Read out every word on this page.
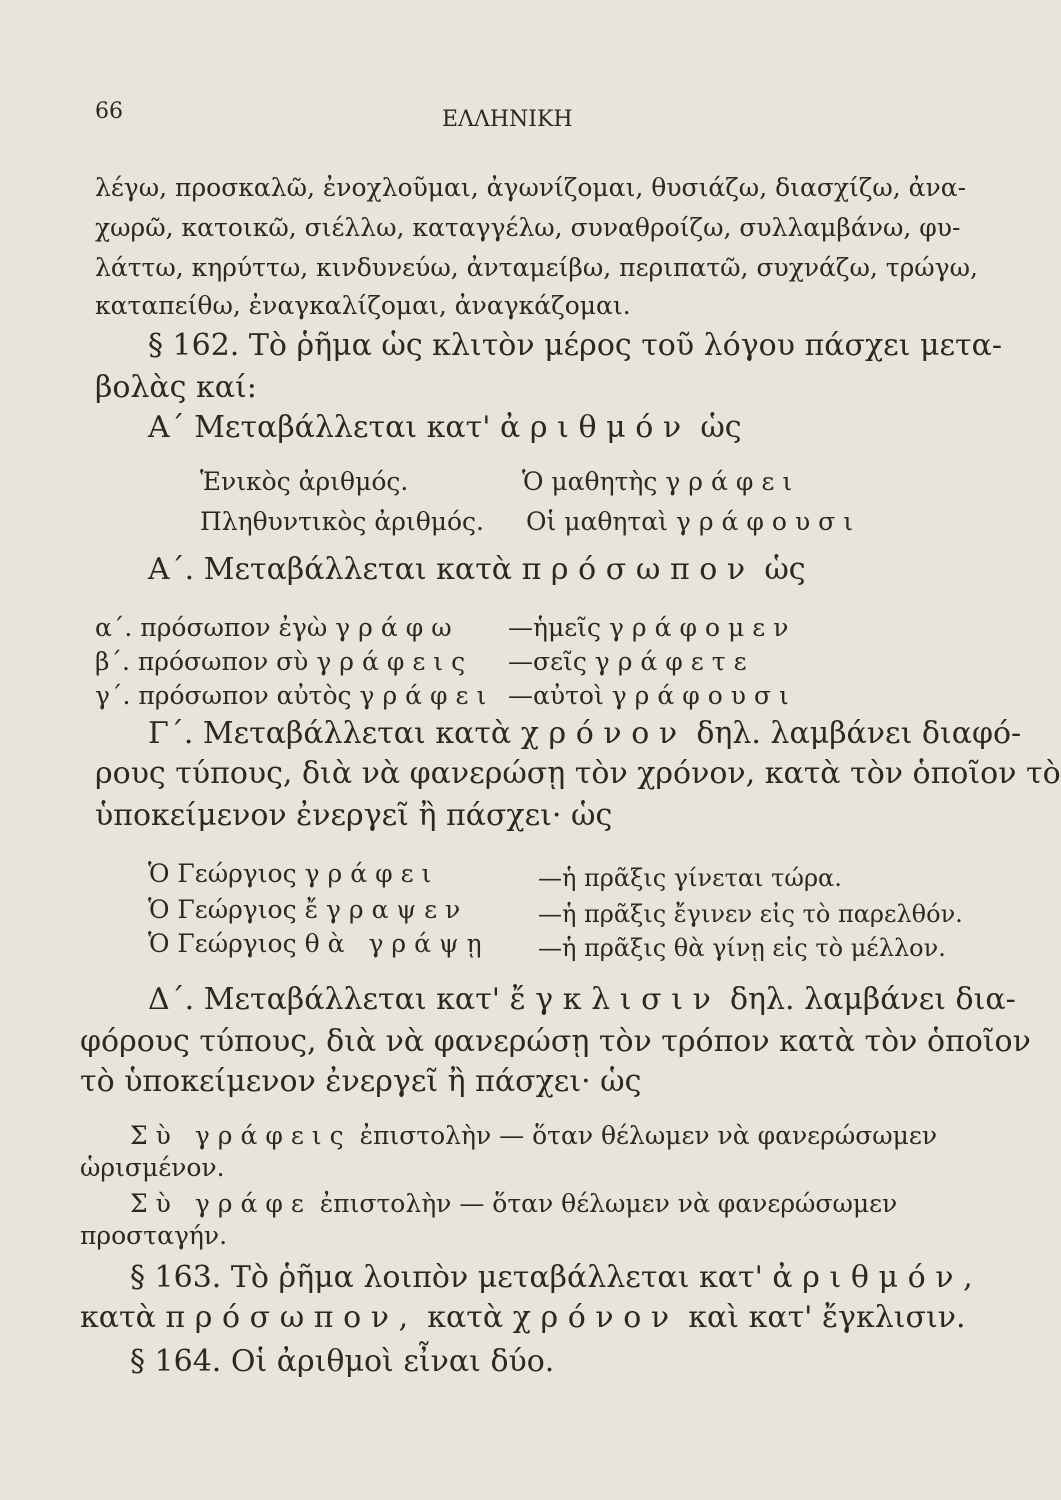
66	ΕΛΛΗΝΙΚΗ
λέγω, προσκαλῶ, ἐνοχλοῦμαι, ἀγωνίζομαι, θυσιάζω, διασχίζω, ἀνα-
χωρῶ, κατοικῶ, σιέλλω, καταγγέλω, συναθροίζω, συλλαμβάνω, φυ-
λάττω, κηρύττω, κινδυνεύω, ἀνταμείβω, περιπατῶ, συχνάζω, τρώγω,
καταπείθω, ἐναγκαλίζομαι, ἀναγκάζομαι.
§ 162. Τὸ ῥῆμα ὡς κλιτὸν μέρος τοῦ λόγου πάσχει μετα-
βολὰς καί:
Α΄ Μεταβάλλεται κατ' ἀριθμόν ὡς
Ἑνικὸς ἀριθμός.	Ὁ μαθητὴς γράφει
Πληθυντικὸς ἀριθμός. Οἱ μαθηταὶ γράφουσι
Α΄. Μεταβάλλεται κατὰ πρόσωπον ὡς
α΄. πρόσωπον ἐγὼ γράφω —ἡμεῖς γράφομεν
β΄. πρόσωπον σὺ γράφεις —σεῖς γράφετε
γ΄. πρόσωπον αὐτὸς γράφει —αὐτοὶ γράφουσι
Γ΄. Μεταβάλλεται κατὰ χρόνον δηλ. λαμβάνει διαφό-
ρους τύπους, διὰ νὰ φανερώσῃ τὸν χρόνον, κατὰ τὸν ὁποῖον τὸ
ὑποκείμενον ἐνεργεῖ ἢ πάσχει· ὡς
Ὁ Γεώργιος γράφει	—ἡ πρᾶξις γίνεται τώρα.
Ὁ Γεώργιος ἔγραψεν	—ἡ πρᾶξις ἔγινεν εἰς τὸ παρελθόν.
Ὁ Γεώργιος θὰ γράψῃ —ἡ πρᾶξις θὰ γίνῃ εἰς τὸ μέλλον.
Δ΄. Μεταβάλλεται κατ' ἔγκλισιν δηλ. λαμβάνει δια-
φόρους τύπους, διὰ νὰ φανερώσῃ τὸν τρόπον κατὰ τὸν ὁποῖον
τὸ ὑποκείμενον ἐνεργεῖ ἢ πάσχει· ὡς
Σὺ γράφεις ἐπιστολὴν — ὅταν θέλωμεν νὰ φανερώσωμεν
ὡρισμένον.
Σὺ γράφε ἐπιστολὴν — ὅταν θέλωμεν νὰ φανερώσωμεν
προσταγήν.
§ 163. Τὸ ῥῆμα λοιπὸν μεταβάλλεται κατ' ἀριθμόν,
κατὰ πρόσωπον, κατὰ χρόνον καὶ κατ' ἔγκλισιν.
§ 164. Οἱ ἀριθμοὶ εἶναι δύο.
